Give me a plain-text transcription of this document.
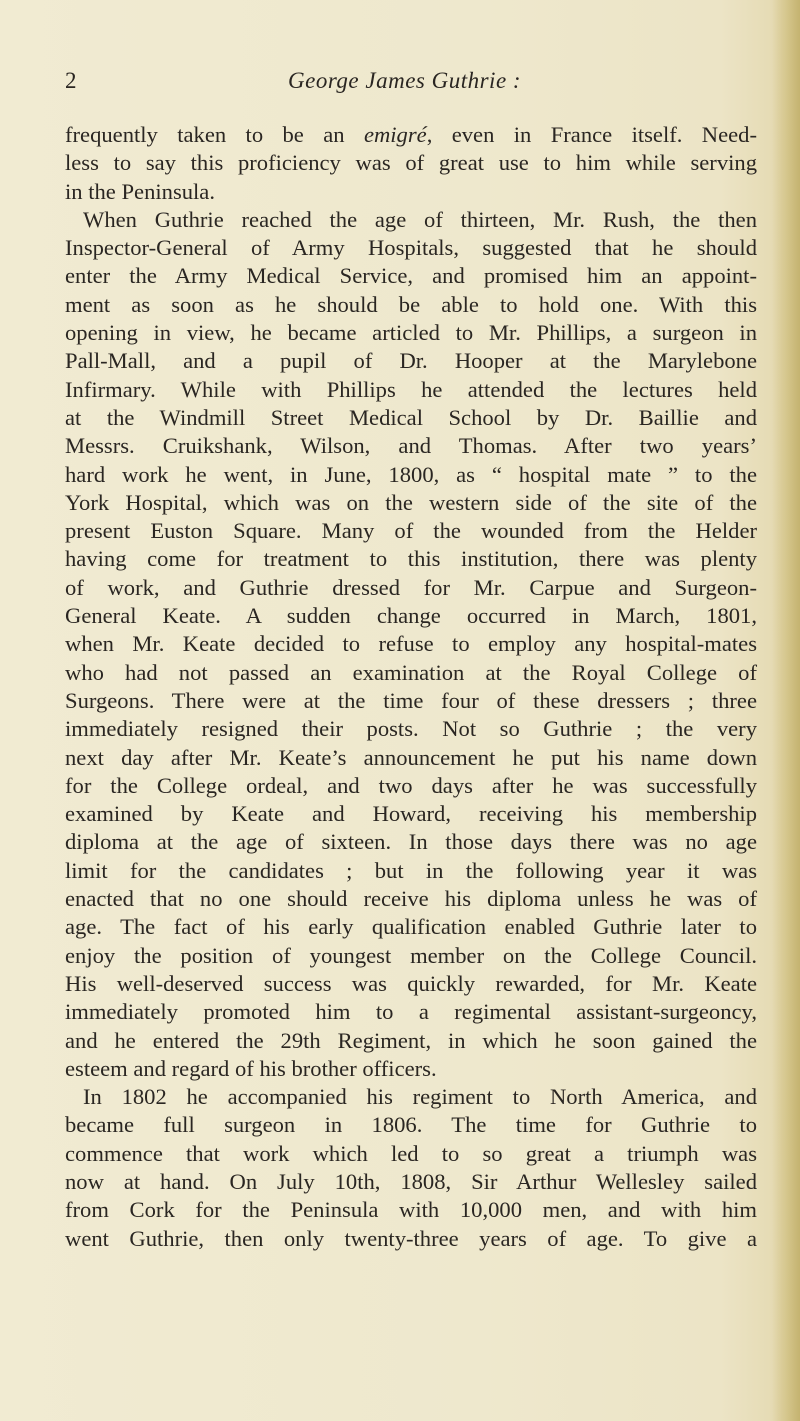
2	George James Guthrie :
frequently taken to be an emigré, even in France itself. Need-
less to say this proficiency was of great use to him while serving
in the Peninsula.
When Guthrie reached the age of thirteen, Mr. Rush, the then
Inspector-General of Army Hospitals, suggested that he should
enter the Army Medical Service, and promised him an appoint-
ment as soon as he should be able to hold one. With this
opening in view, he became articled to Mr. Phillips, a surgeon in
Pall-Mall, and a pupil of Dr. Hooper at the Marylebone
Infirmary. While with Phillips he attended the lectures held
at the Windmill Street Medical School by Dr. Baillie and
Messrs. Cruikshank, Wilson, and Thomas. After two years’
hard work he went, in June, 1800, as “ hospital mate ” to the
York Hospital, which was on the western side of the site of the
present Euston Square. Many of the wounded from the Helder
having come for treatment to this institution, there was plenty
of work, and Guthrie dressed for Mr. Carpue and Surgeon-
General Keate. A sudden change occurred in March, 1801,
when Mr. Keate decided to refuse to employ any hospital-mates
who had not passed an examination at the Royal College of
Surgeons. There were at the time four of these dressers ; three
immediately resigned their posts. Not so Guthrie ; the very
next day after Mr. Keate’s announcement he put his name down
for the College ordeal, and two days after he was successfully
examined by Keate and Howard, receiving his membership
diploma at the age of sixteen. In those days there was no age
limit for the candidates ; but in the following year it was
enacted that no one should receive his diploma unless he was of
age. The fact of his early qualification enabled Guthrie later to
enjoy the position of youngest member on the College Council.
His well-deserved success was quickly rewarded, for Mr. Keate
immediately promoted him to a regimental assistant-surgeoncy,
and he entered the 29th Regiment, in which he soon gained the
esteem and regard of his brother officers.
In 1802 he accompanied his regiment to North America, and
became full surgeon in 1806. The time for Guthrie to
commence that work which led to so great a triumph was
now at hand. On July 10th, 1808, Sir Arthur Wellesley sailed
from Cork for the Peninsula with 10,000 men, and with him
went Guthrie, then only twenty-three years of age. To give a
